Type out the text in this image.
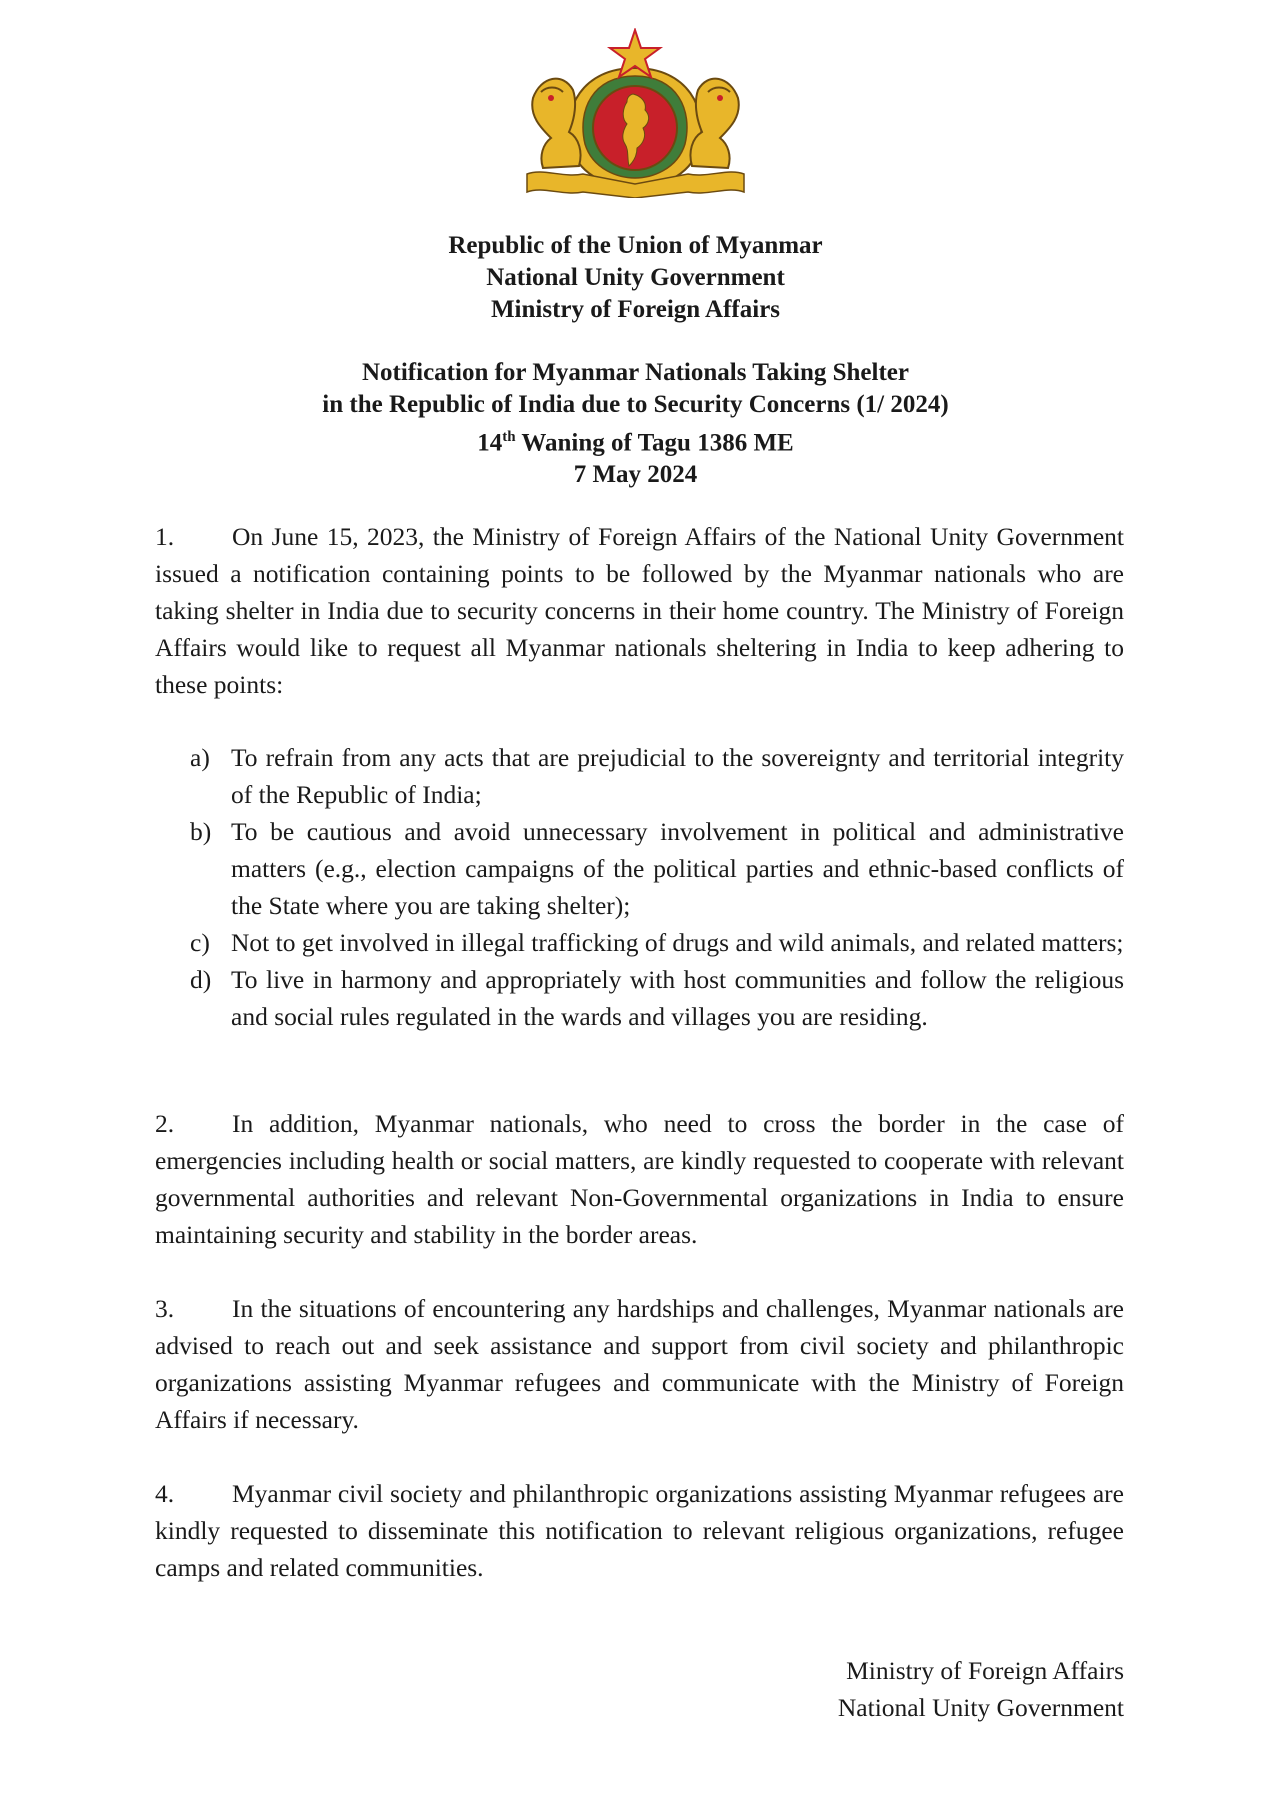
Republic of the Union of Myanmar
National Unity Government
Ministry of Foreign Affairs
Notification for Myanmar Nationals Taking Shelter
in the Republic of India due to Security Concerns (1/ 2024)
14th Waning of Tagu 1386 ME
7 May 2024
1. On June 15, 2023, the Ministry of Foreign Affairs of the National Unity Government issued a notification containing points to be followed by the Myanmar nationals who are taking shelter in India due to security concerns in their home country. The Ministry of Foreign Affairs would like to request all Myanmar nationals sheltering in India to keep adhering to these points:
a) To refrain from any acts that are prejudicial to the sovereignty and territorial integrity of the Republic of India;
b) To be cautious and avoid unnecessary involvement in political and administrative matters (e.g., election campaigns of the political parties and ethnic-based conflicts of the State where you are taking shelter);
c) Not to get involved in illegal trafficking of drugs and wild animals, and related matters;
d) To live in harmony and appropriately with host communities and follow the religious and social rules regulated in the wards and villages you are residing.
2. In addition, Myanmar nationals, who need to cross the border in the case of emergencies including health or social matters, are kindly requested to cooperate with relevant governmental authorities and relevant Non-Governmental organizations in India to ensure maintaining security and stability in the border areas.
3. In the situations of encountering any hardships and challenges, Myanmar nationals are advised to reach out and seek assistance and support from civil society and philanthropic organizations assisting Myanmar refugees and communicate with the Ministry of Foreign Affairs if necessary.
4. Myanmar civil society and philanthropic organizations assisting Myanmar refugees are kindly requested to disseminate this notification to relevant religious organizations, refugee camps and related communities.
Ministry of Foreign Affairs
National Unity Government
